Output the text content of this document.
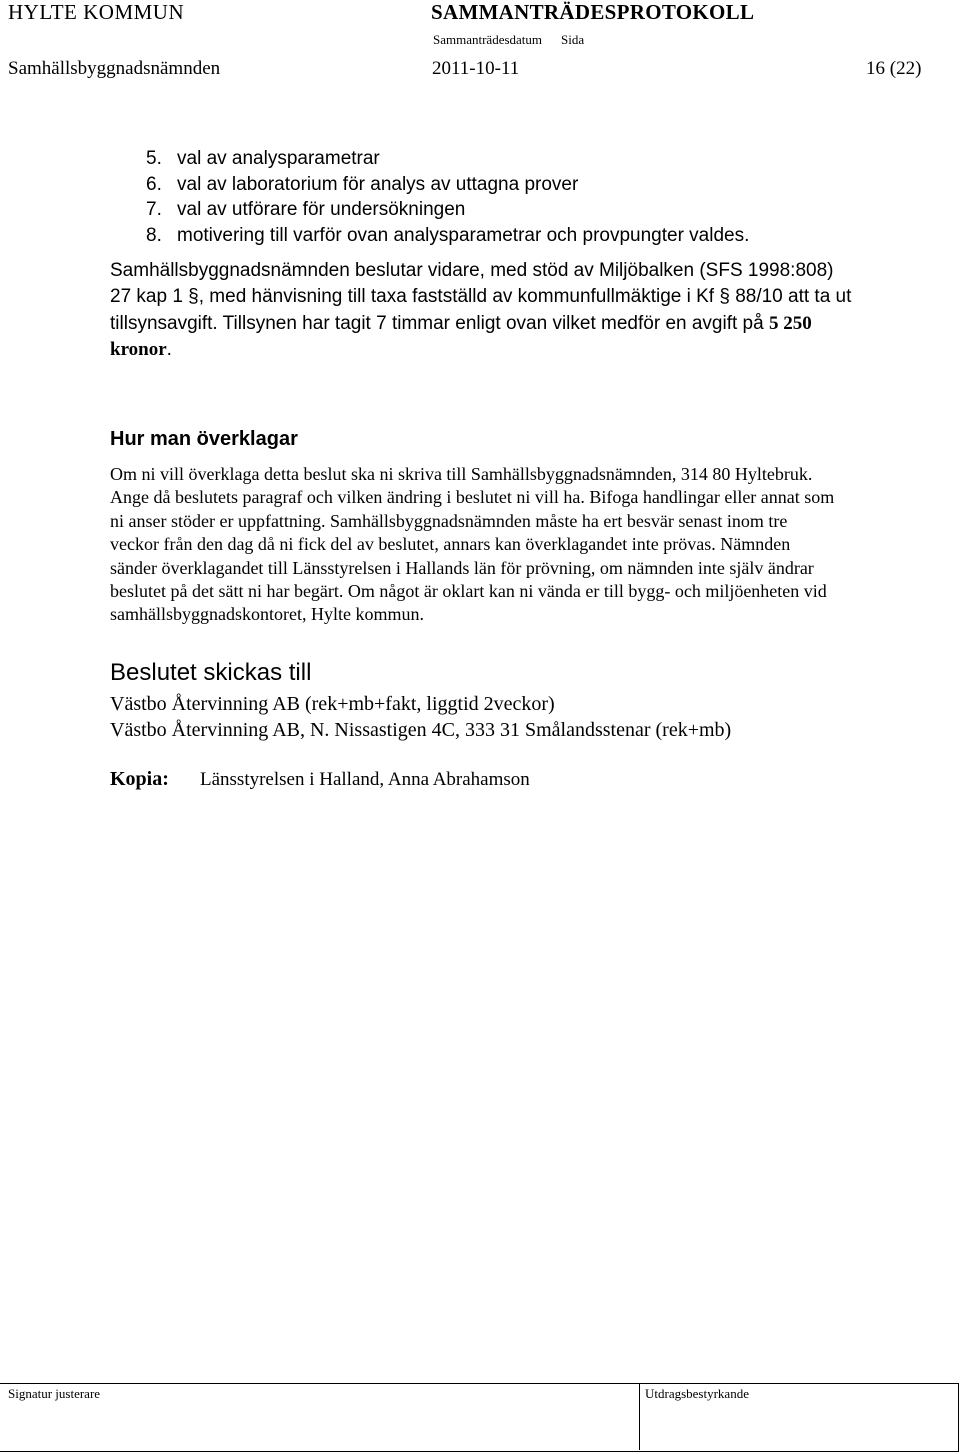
HYLTE KOMMUN	SAMMANTRÄDESPROTOKOLL
Sammanträdesdatum Sida
Samhällsbyggnadsnämnden	2011-10-11	16 (22)
5. val av analysparametrar
6. val av laboratorium för analys av uttagna prover
7. val av utförare för undersökningen
8. motivering till varför ovan analysparametrar och provpungter valdes.
Samhällsbyggnadsnämnden beslutar vidare, med stöd av Miljöbalken (SFS 1998:808)
27 kap 1 §, med hänvisning till taxa fastställd av kommunfullmäktige i Kf § 88/10 att ta ut
tillsynsavgift. Tillsynen har tagit 7 timmar enligt ovan vilket medför en avgift på 5 250
kronor.
Hur man överklagar
Om ni vill överklaga detta beslut ska ni skriva till Samhällsbyggnadsnämnden, 314 80 Hyltebruk.
Ange då beslutets paragraf och vilken ändring i beslutet ni vill ha. Bifoga handlingar eller annat som
ni anser stöder er uppfattning. Samhällsbyggnadsnämnden måste ha ert besvär senast inom tre
veckor från den dag då ni fick del av beslutet, annars kan överklagandet inte prövas. Nämnden
sänder överklagandet till Länsstyrelsen i Hallands län för prövning, om nämnden inte själv ändrar
beslutet på det sätt ni har begärt. Om något är oklart kan ni vända er till bygg- och miljöenheten vid
samhällsbyggnadskontoret, Hylte kommun.
Beslutet skickas till
Västbo Återvinning AB (rek+mb+fakt, liggtid 2veckor)
Västbo Återvinning AB, N. Nissastigen 4C, 333 31 Smålandsstenar (rek+mb)
Kopia: Länsstyrelsen i Halland, Anna Abrahamson
Signatur justerare	Utdragsbestyrkande
